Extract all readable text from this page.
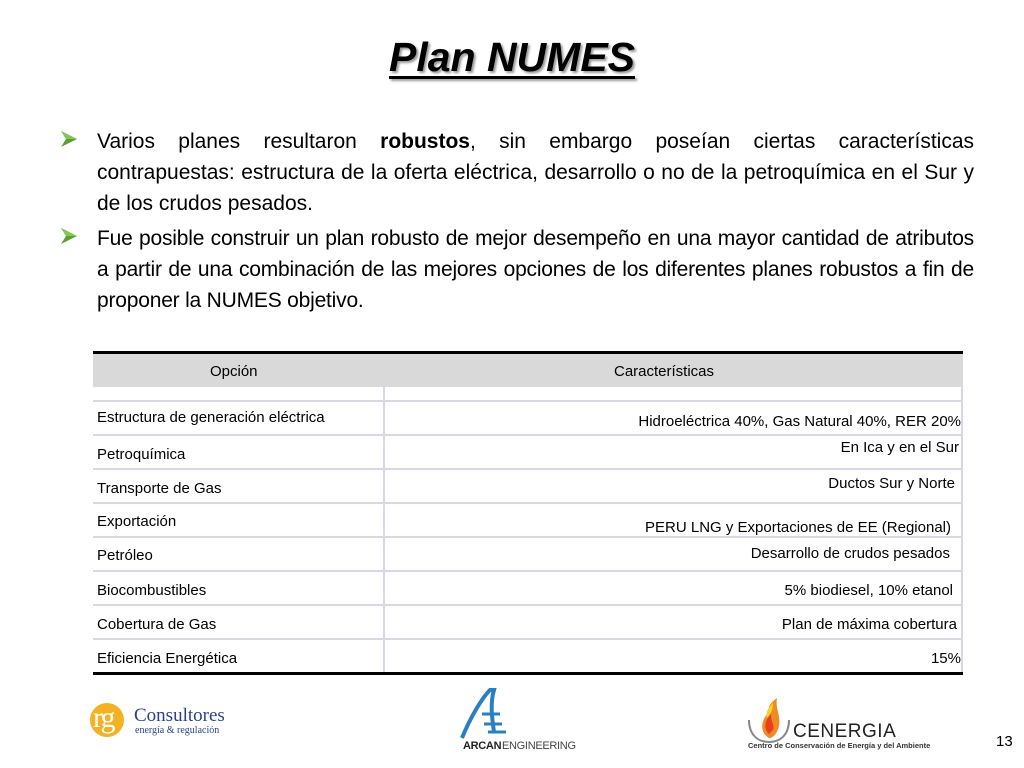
Plan NUMES
Varios planes resultaron robustos, sin embargo poseían ciertas características contrapuestas: estructura de la oferta eléctrica, desarrollo o no de la petroquímica en el Sur y de los crudos pesados.
Fue posible construir un plan robusto de mejor desempeño en una mayor cantidad de atributos a partir de una combinación de las mejores opciones de los diferentes planes robustos a fin de proponer la NUMES objetivo.
Opción	Características
Estructura de generación eléctrica	Hidroeléctrica 40%, Gas Natural 40%, RER 20%
Petroquímica	En Ica y en el Sur
Transporte de Gas	Ductos Sur y Norte
Exportación	PERU LNG y Exportaciones de EE (Regional)
Petróleo	Desarrollo de crudos pesados
Biocombustibles	5% biodiesel, 10% etanol
Cobertura de Gas	Plan de máxima cobertura
Eficiencia Energética	15%
rg Consultores
energía & regulación
ARCAN ENGINEERING
CENERGIA
Centro de Conservación de Energía y del Ambiente	13
